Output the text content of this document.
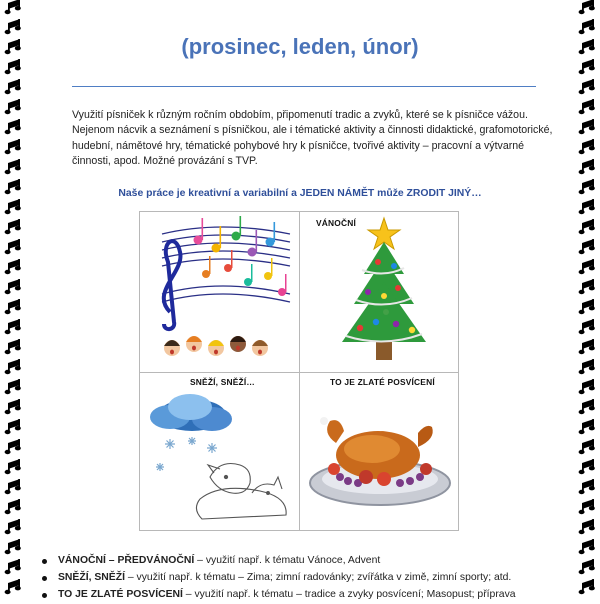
(prosinec, leden, únor)
Využití písniček k různým ročním obdobím, připomenutí tradic a zvyků, které se k písničce vážou. Nejenom nácvik a seznámení s písničkou, ale i tématické aktivity a činnosti didaktické, grafomotorické, hudební, námětové hry, tématické pohybové hry k písničce, tvořivé aktivity – pracovní a výtvarné činnosti, apod. Možné provázání s TVP.
Naše práce je kreativní a variabilní a JEDEN NÁMĚT může ZRODIT JINÝ…
VÁNOČNÍ
SNĚŽÍ, SNĚŽÍ…	TO JE ZLATÉ POSVÍCENÍ
VÁNOČNÍ – PŘEDVÁNOČNÍ – využití např. k tématu Vánoce, Advent
SNĚŽÍ, SNĚŽÍ – využití např. k tématu – Zima; zimní radovánky; zvířátka v zimě, zimní sporty; atd.
TO JE ZLATÉ POSVÍCENÍ – využití např. k tématu – tradice a zvyky posvícení; Masopust; příprava
